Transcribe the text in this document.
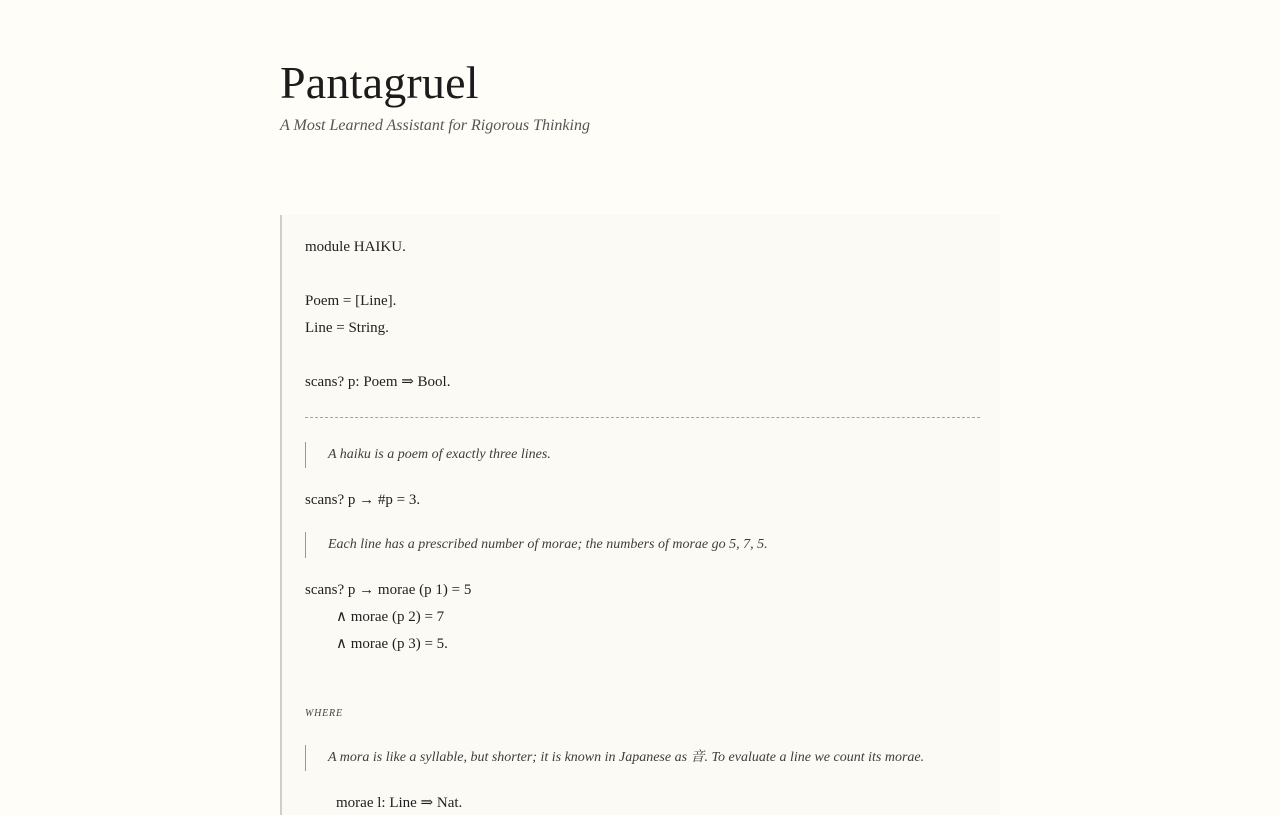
Pantagruel

A Most Learned Assistant for Rigorous Thinking

module HAIKU.
Poem = [Line].
Line = String.
scans? p: Poem ⇒ Bool.
A haiku is a poem of exactly three lines.
scans? p → #p = 3.
Each line has a prescribed number of morae; the numbers of morae go 5, 7, 5.
scans? p → morae (p 1) = 5
∧ morae (p 2) = 7
∧ morae (p 3) = 5.
WHERE
A mora is like a syllable, but shorter; it is known in Japanese as 音. To evaluate a line we count its morae.
morae l: Line ⇒ Nat.
